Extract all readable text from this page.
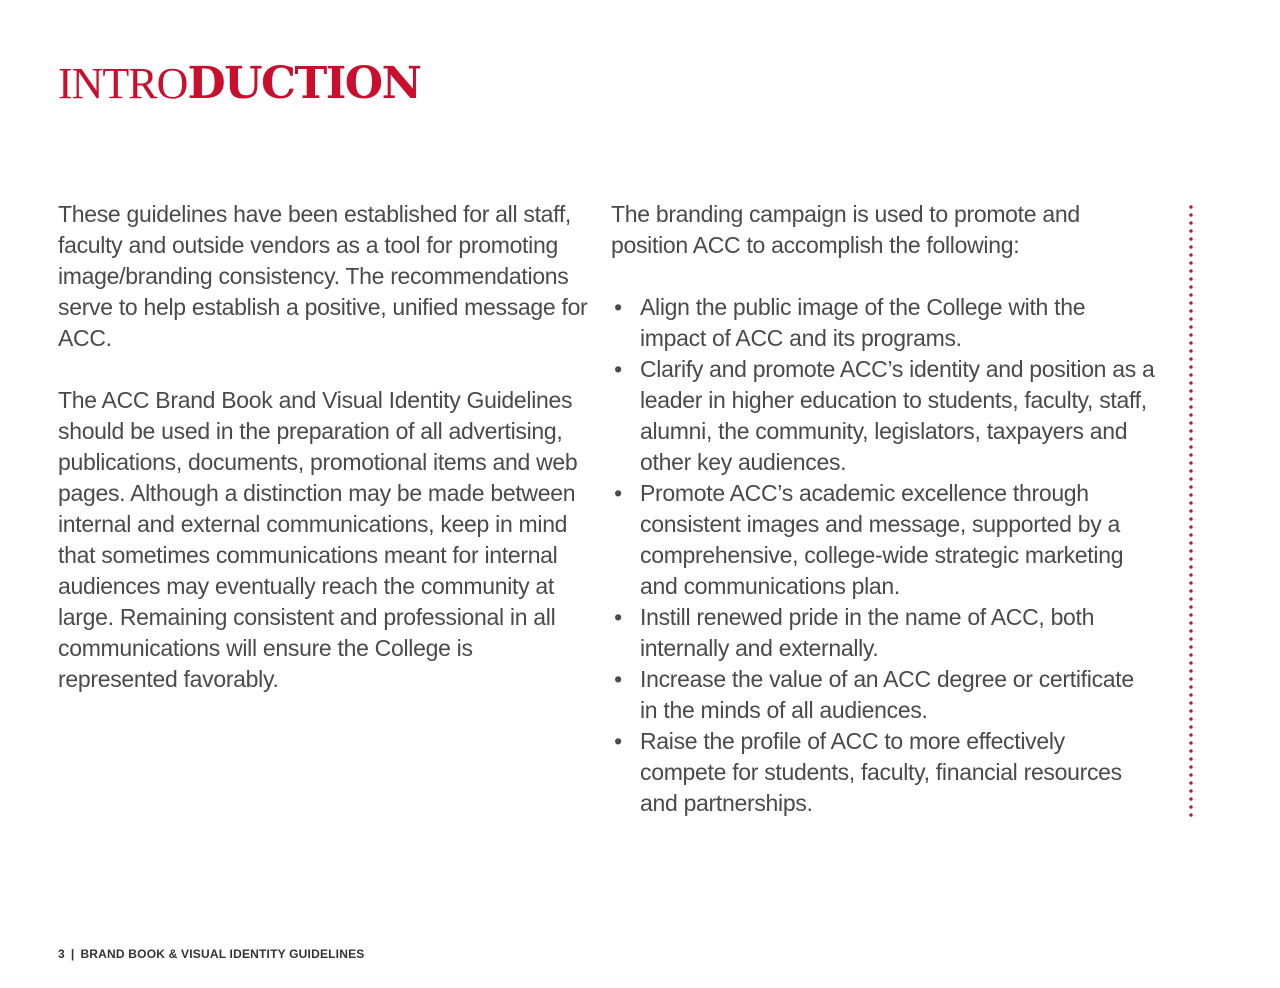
INTRODUCTION

These guidelines have been established for all staff, faculty and outside vendors as a tool for promoting image/branding consistency. The recommendations serve to help establish a positive, unified message for ACC.

The ACC Brand Book and Visual Identity Guidelines should be used in the preparation of all advertising, publications, documents, promotional items and web pages. Although a distinction may be made between internal and external communications, keep in mind that sometimes communications meant for internal audiences may eventually reach the community at large. Remaining consistent and professional in all communications will ensure the College is represented favorably.

The branding campaign is used to promote and position ACC to accomplish the following:

• Align the public image of the College with the impact of ACC and its programs.
• Clarify and promote ACC’s identity and position as a leader in higher education to students, faculty, staff, alumni, the community, legislators, taxpayers and other key audiences.
• Promote ACC’s academic excellence through consistent images and message, supported by a comprehensive, college-wide strategic marketing and communications plan.
• Instill renewed pride in the name of ACC, both internally and externally.
• Increase the value of an ACC degree or certificate in the minds of all audiences.
• Raise the profile of ACC to more effectively compete for students, faculty, financial resources and partnerships.
3 | BRAND BOOK & VISUAL IDENTITY GUIDELINES
